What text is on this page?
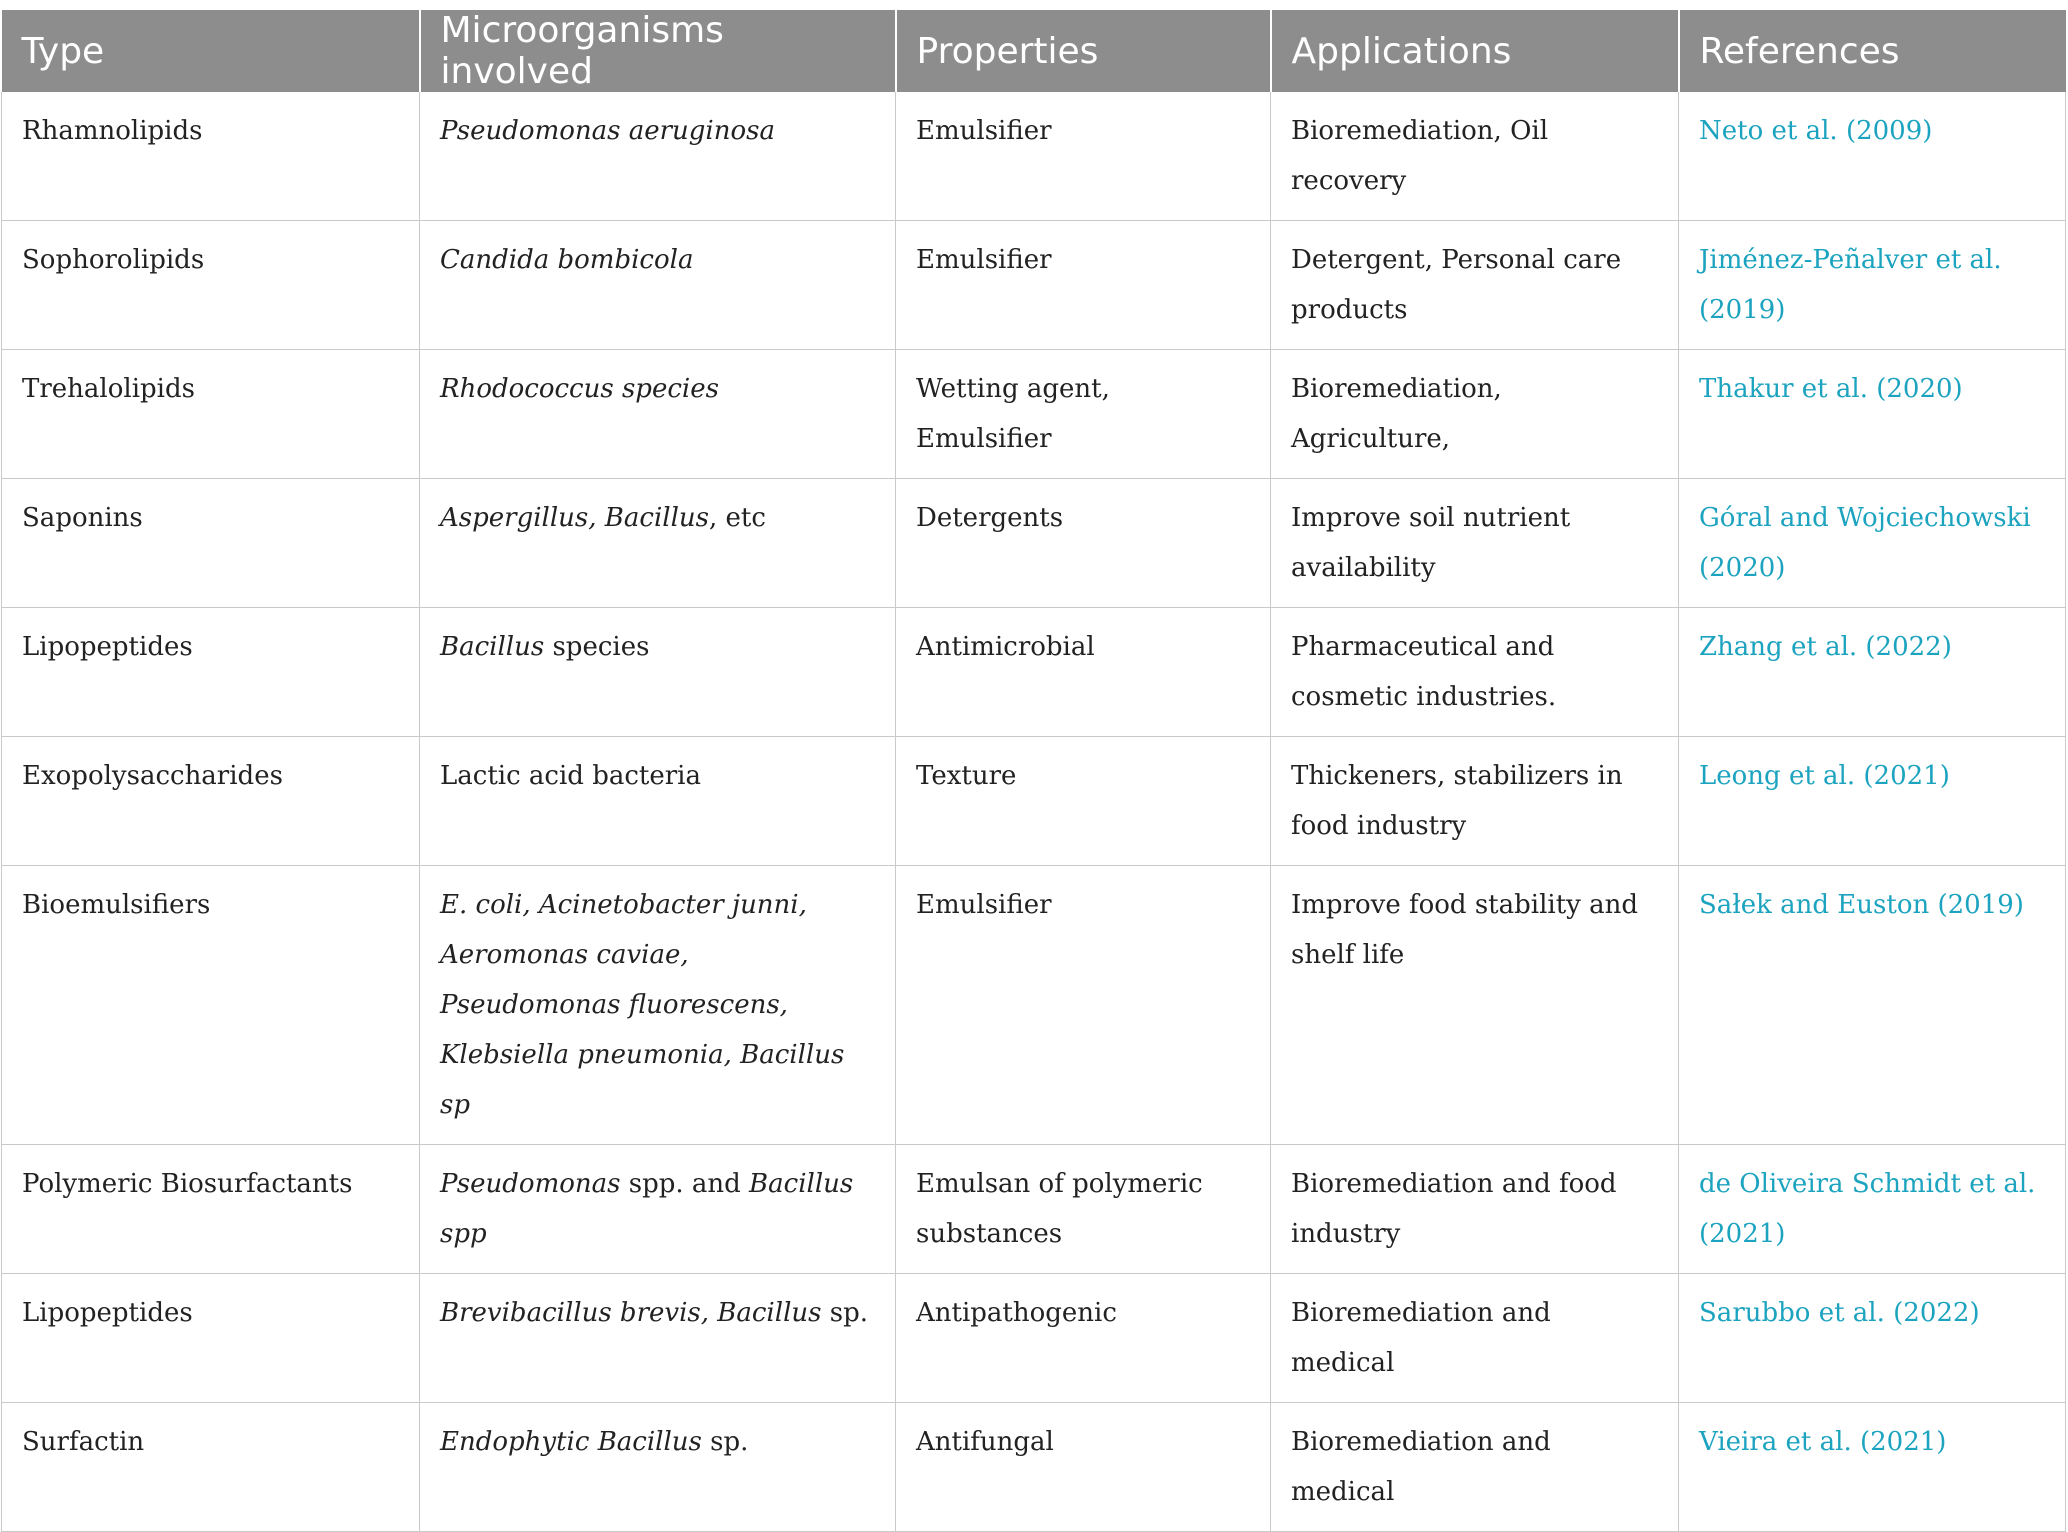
Type	Microorganisms involved	Properties	Applications	References
Rhamnolipids	Pseudomonas aeruginosa	Emulsifier	Bioremediation, Oil recovery	Neto et al. (2009)
Sophorolipids	Candida bombicola	Emulsifier	Detergent, Personal care products	Jiménez-Peñalver et al. (2019)
Trehalolipids	Rhodococcus species	Wetting agent, Emulsifier	Bioremediation, Agriculture,	Thakur et al. (2020)
Saponins	Aspergillus, Bacillus, etc	Detergents	Improve soil nutrient availability	Góral and Wojciechowski (2020)
Lipopeptides	Bacillus species	Antimicrobial	Pharmaceutical and cosmetic industries.	Zhang et al. (2022)
Exopolysaccharides	Lactic acid bacteria	Texture	Thickeners, stabilizers in food industry	Leong et al. (2021)
Bioemulsifiers	E. coli, Acinetobacter junni, Aeromonas caviae, Pseudomonas fluorescens, Klebsiella pneumonia, Bacillus sp	Emulsifier	Improve food stability and shelf life	Sałek and Euston (2019)
Polymeric Biosurfactants	Pseudomonas spp. and Bacillus spp	Emulsan of polymeric substances	Bioremediation and food industry	de Oliveira Schmidt et al. (2021)
Lipopeptides	Brevibacillus brevis, Bacillus sp.	Antipathogenic	Bioremediation and medical	Sarubbo et al. (2022)
Surfactin	Endophytic Bacillus sp.	Antifungal	Bioremediation and medical	Vieira et al. (2021)
